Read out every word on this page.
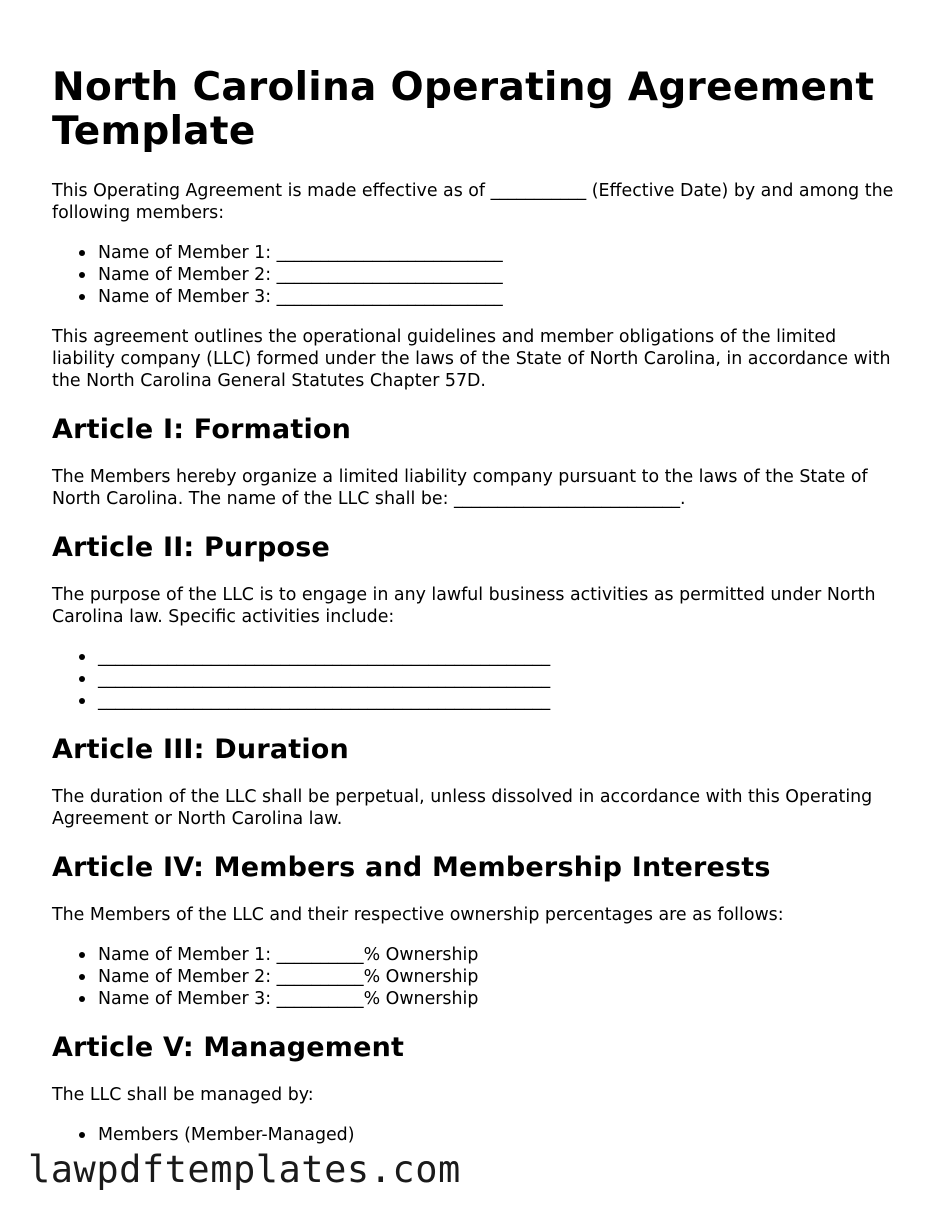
North Carolina Operating Agreement Template

This Operating Agreement is made effective as of ___________ (Effective Date) by and among the following members:

Name of Member 1: __________________________
Name of Member 2: __________________________
Name of Member 3: __________________________

This agreement outlines the operational guidelines and member obligations of the limited liability company (LLC) formed under the laws of the State of North Carolina, in accordance with the North Carolina General Statutes Chapter 57D.

Article I: Formation

The Members hereby organize a limited liability company pursuant to the laws of the State of North Carolina. The name of the LLC shall be: __________________________.

Article II: Purpose

The purpose of the LLC is to engage in any lawful business activities as permitted under North Carolina law. Specific activities include:

____________________________________________________
____________________________________________________
____________________________________________________
Article III: Duration

The duration of the LLC shall be perpetual, unless dissolved in accordance with this Operating Agreement or North Carolina law.

Article IV: Members and Membership Interests

The Members of the LLC and their respective ownership percentages are as follows:

Name of Member 1: __________% Ownership
Name of Member 2: __________% Ownership
Name of Member 3: __________% Ownership
Article V: Management

The LLC shall be managed by:

Members (Member-Managed)
lawpdftemplates.com
